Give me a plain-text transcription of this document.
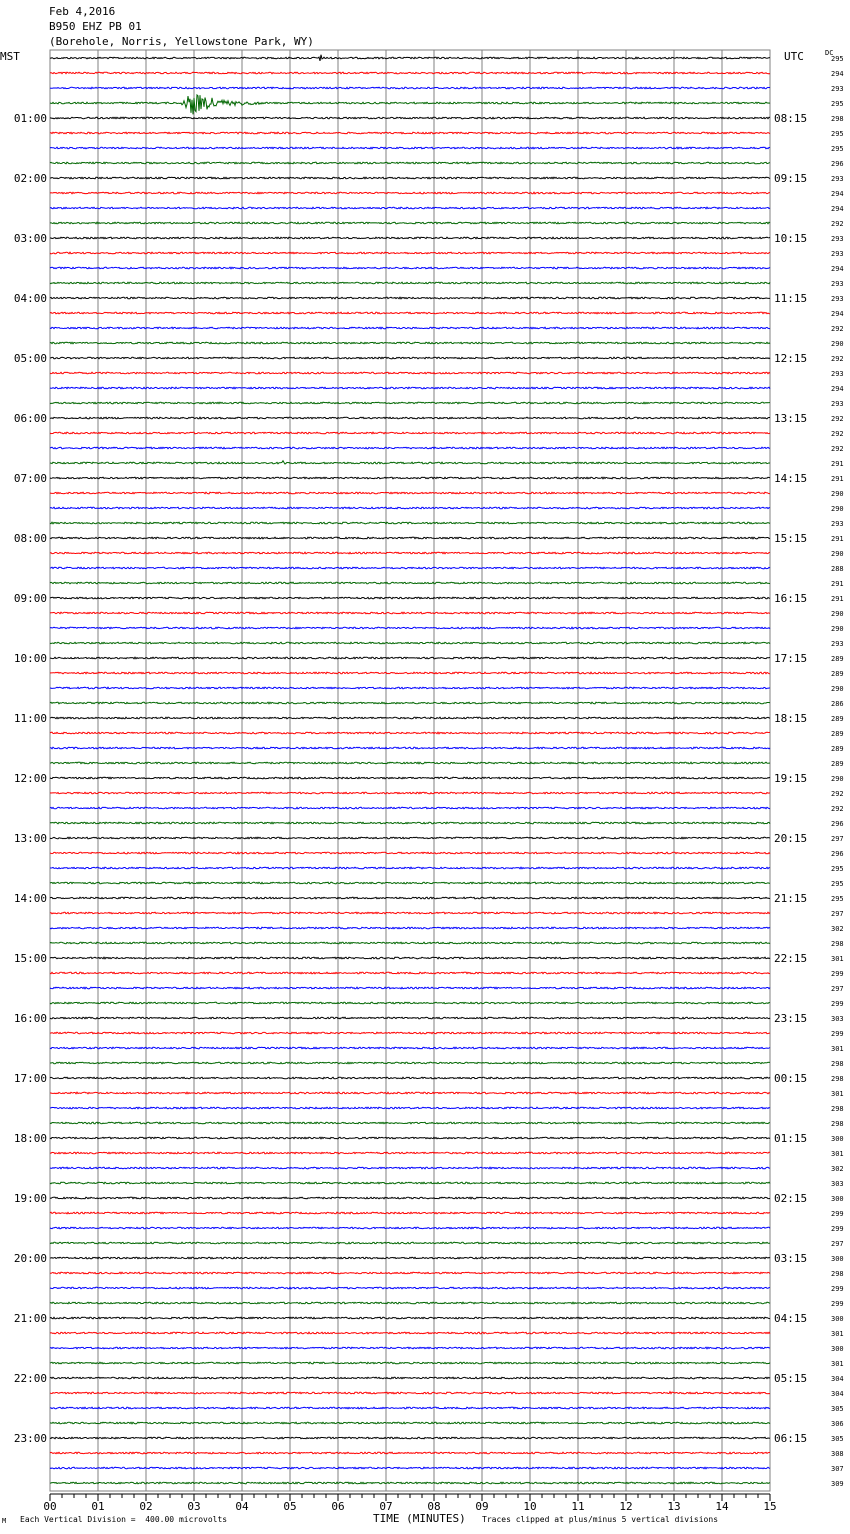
Feb 4,2016
B950 EHZ PB 01
(Borehole, Norris, Yellowstone Park, WY)
MST	UTC	DC
295
294
293
295
298
295
295
296
293
294
294
292
293
293
294
293
293
294
292
290
292
293
294
293
292
292
292
291
291
290
290
293
291
290
288
291
291
290
290
293
289
289
290
286
289
289
289
289
290
292
292
296
297
296
295
295
295
297
302
298
301
299
297
299
303
299
301
298
298
301
298
298
300
301
302
303
300
299
299
297
300
298
299
299
300
301
300
301
304
304
305
306
305
308
307
309
01:00
02:00
03:00
04:00
05:00
06:00
07:00
08:00
09:00
10:00
11:00
12:00
13:00
14:00
15:00
16:00
17:00
18:00
19:00
20:00
21:00
22:00
23:00
08:15
09:15
10:15
11:15
12:15
13:15
14:15
15:15
16:15
17:15
18:15
19:15
20:15
21:15
22:15
23:15
00:15
01:15
02:15
03:15
04:15
05:15
06:15
00	01	02	03	04	05	06	07	08	09	10	11	12	13	14	15
M Each Vertical Division =  400.00 microvolts	TIME (MINUTES) Traces clipped at plus/minus 5 vertical divisions
